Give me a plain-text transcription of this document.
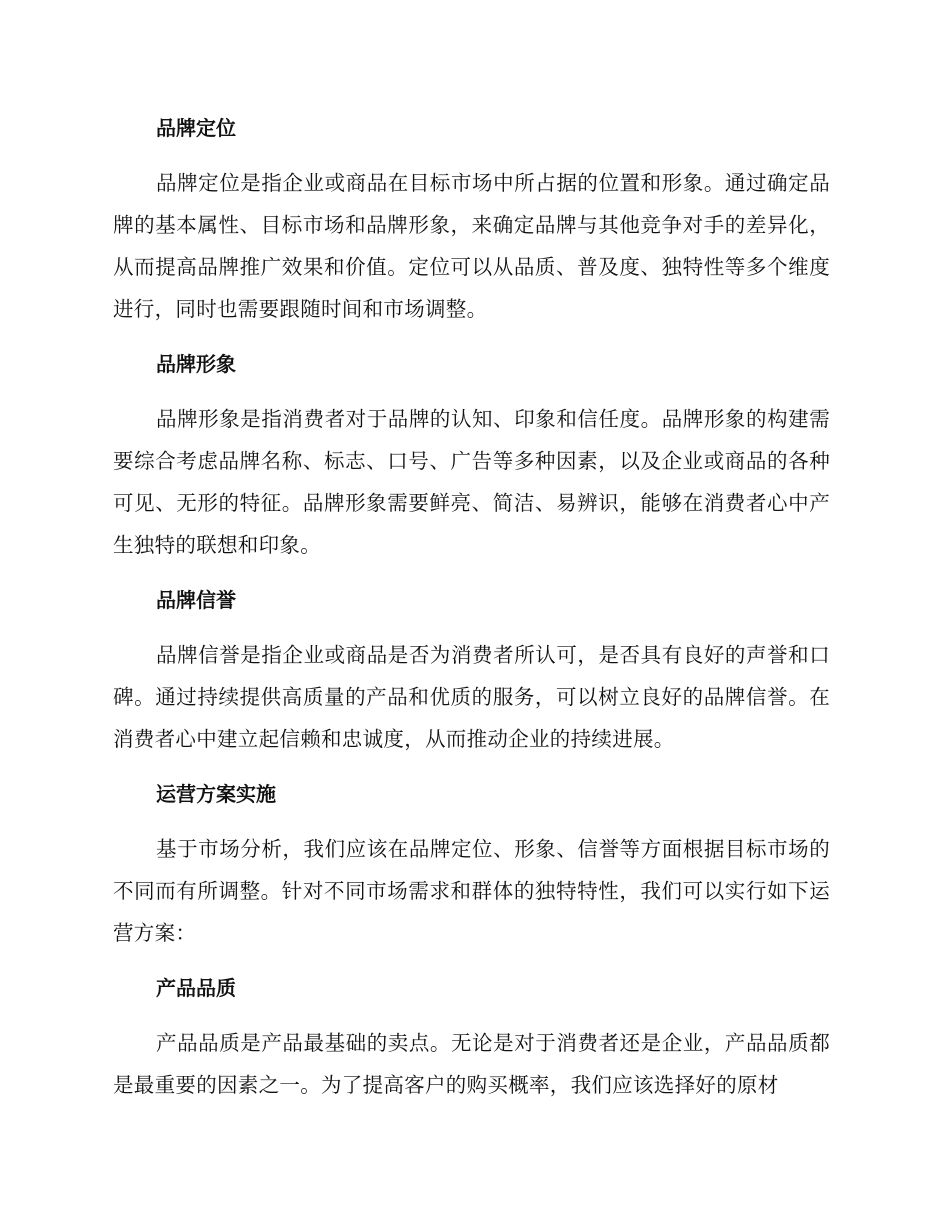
品牌定位

品牌定位是指企业或商品在目标市场中所占据的位置和形象。通过确定品牌的基本属性、目标市场和品牌形象，来确定品牌与其他竞争对手的差异化，从而提高品牌推广效果和价值。定位可以从品质、普及度、独特性等多个维度进行，同时也需要跟随时间和市场调整。

品牌形象

品牌形象是指消费者对于品牌的认知、印象和信任度。品牌形象的构建需要综合考虑品牌名称、标志、口号、广告等多种因素，以及企业或商品的各种可见、无形的特征。品牌形象需要鲜亮、简洁、易辨识，能够在消费者心中产生独特的联想和印象。

品牌信誉

品牌信誉是指企业或商品是否为消费者所认可，是否具有良好的声誉和口碑。通过持续提供高质量的产品和优质的服务，可以树立良好的品牌信誉。在消费者心中建立起信赖和忠诚度，从而推动企业的持续进展。

运营方案实施

基于市场分析，我们应该在品牌定位、形象、信誉等方面根据目标市场的不同而有所调整。针对不同市场需求和群体的独特特性，我们可以实行如下运营方案：

产品品质

产品品质是产品最基础的卖点。无论是对于消费者还是企业，产品品质都是最重要的因素之一。为了提高客户的购买概率，我们应该选择好的原材
